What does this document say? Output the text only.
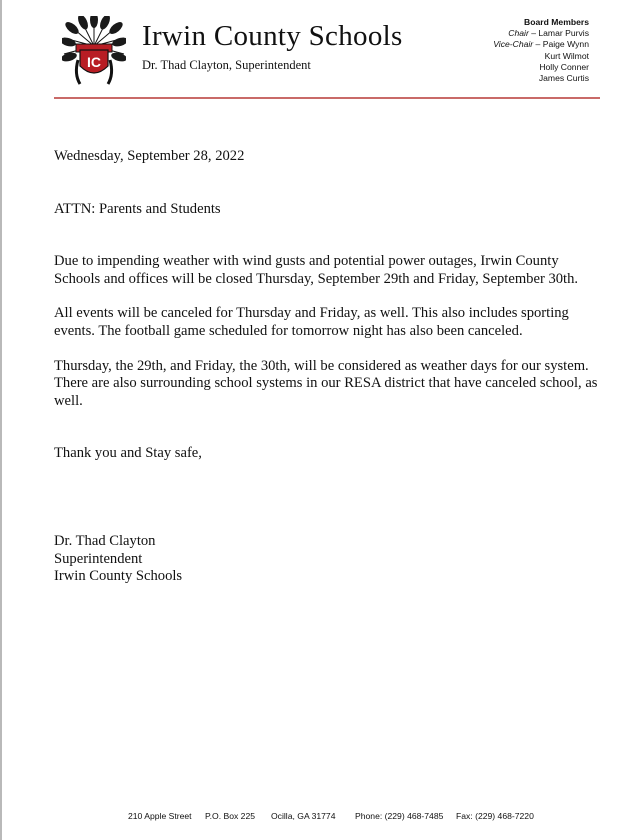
IC
Irwin County Schools
Dr. Thad Clayton, Superintendent
Board Members
Chair – Lamar Purvis
Vice-Chair – Paige Wynn
Kurt Wilmot
Holly Conner
James Curtis

Wednesday, September 28, 2022

ATTN: Parents and Students

Due to impending weather with wind gusts and potential power outages, Irwin County Schools and offices will be closed Thursday, September 29th and Friday, September 30th.

All events will be canceled for Thursday and Friday, as well. This also includes sporting events. The football game scheduled for tomorrow night has also been canceled.

Thursday, the 29th, and Friday, the 30th, will be considered as weather days for our system. There are also surrounding school systems in our RESA district that have canceled school, as well.

Thank you and Stay safe,

Dr. Thad Clayton

Superintendent

Irwin County Schools

210 Apple Street P.O. Box 225 Ocilla, GA 31774 Phone: (229) 468-7485 Fax: (229) 468-7220
